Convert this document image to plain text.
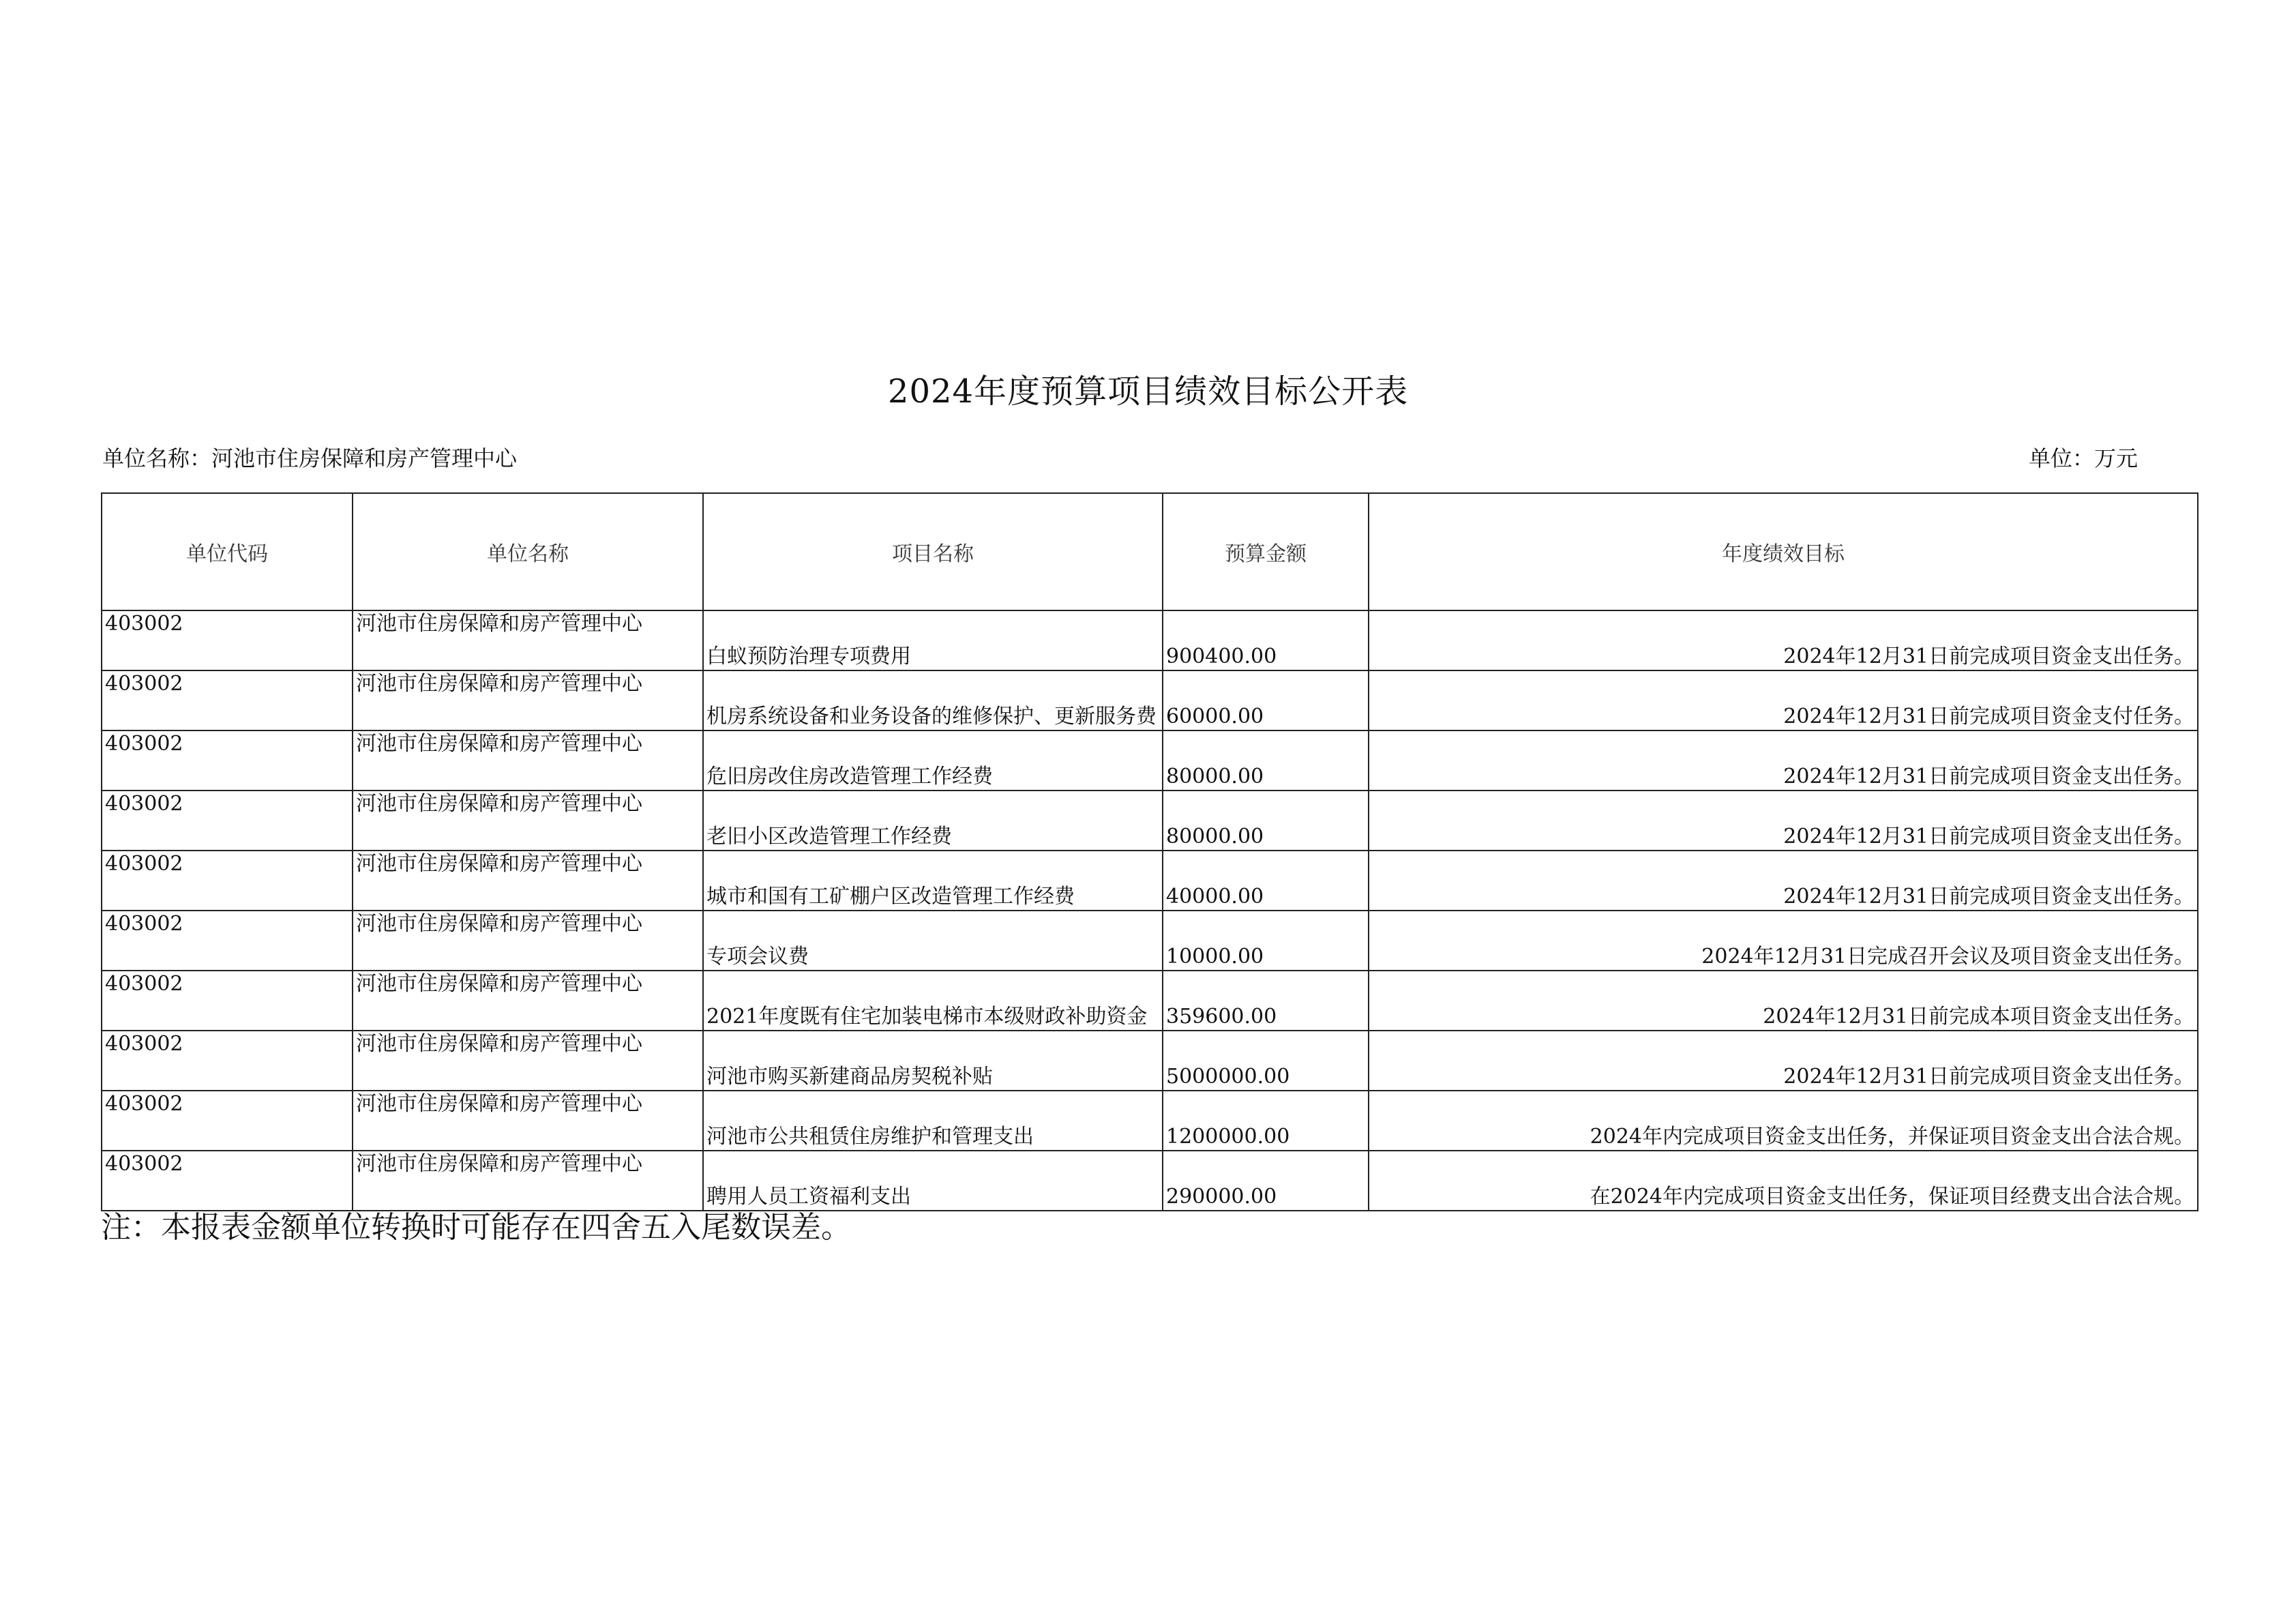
2024年度预算项目绩效目标公开表
单位名称：河池市住房保障和房产管理中心	单位：万元
单位代码	单位名称	项目名称	预算金额	年度绩效目标
403002	河池市住房保障和房产管理中心	白蚁预防治理专项费用	900400.00	2024年12月31日前完成项目资金支出任务。
403002	河池市住房保障和房产管理中心	机房系统设备和业务设备的维修保护、更新服务费	60000.00	2024年12月31日前完成项目资金支付任务。
403002	河池市住房保障和房产管理中心	危旧房改住房改造管理工作经费	80000.00	2024年12月31日前完成项目资金支出任务。
403002	河池市住房保障和房产管理中心	老旧小区改造管理工作经费	80000.00	2024年12月31日前完成项目资金支出任务。
403002	河池市住房保障和房产管理中心	城市和国有工矿棚户区改造管理工作经费	40000.00	2024年12月31日前完成项目资金支出任务。
403002	河池市住房保障和房产管理中心	专项会议费	10000.00	2024年12月31日完成召开会议及项目资金支出任务。
403002	河池市住房保障和房产管理中心	2021年度既有住宅加装电梯市本级财政补助资金	359600.00	2024年12月31日前完成本项目资金支出任务。
403002	河池市住房保障和房产管理中心	河池市购买新建商品房契税补贴	5000000.00	2024年12月31日前完成项目资金支出任务。
403002	河池市住房保障和房产管理中心	河池市公共租赁住房维护和管理支出	1200000.00	2024年内完成项目资金支出任务，并保证项目资金支出合法合规。
403002	河池市住房保障和房产管理中心	聘用人员工资福利支出	290000.00	在2024年内完成项目资金支出任务，保证项目经费支出合法合规。
注：本报表金额单位转换时可能存在四舍五入尾数误差。
